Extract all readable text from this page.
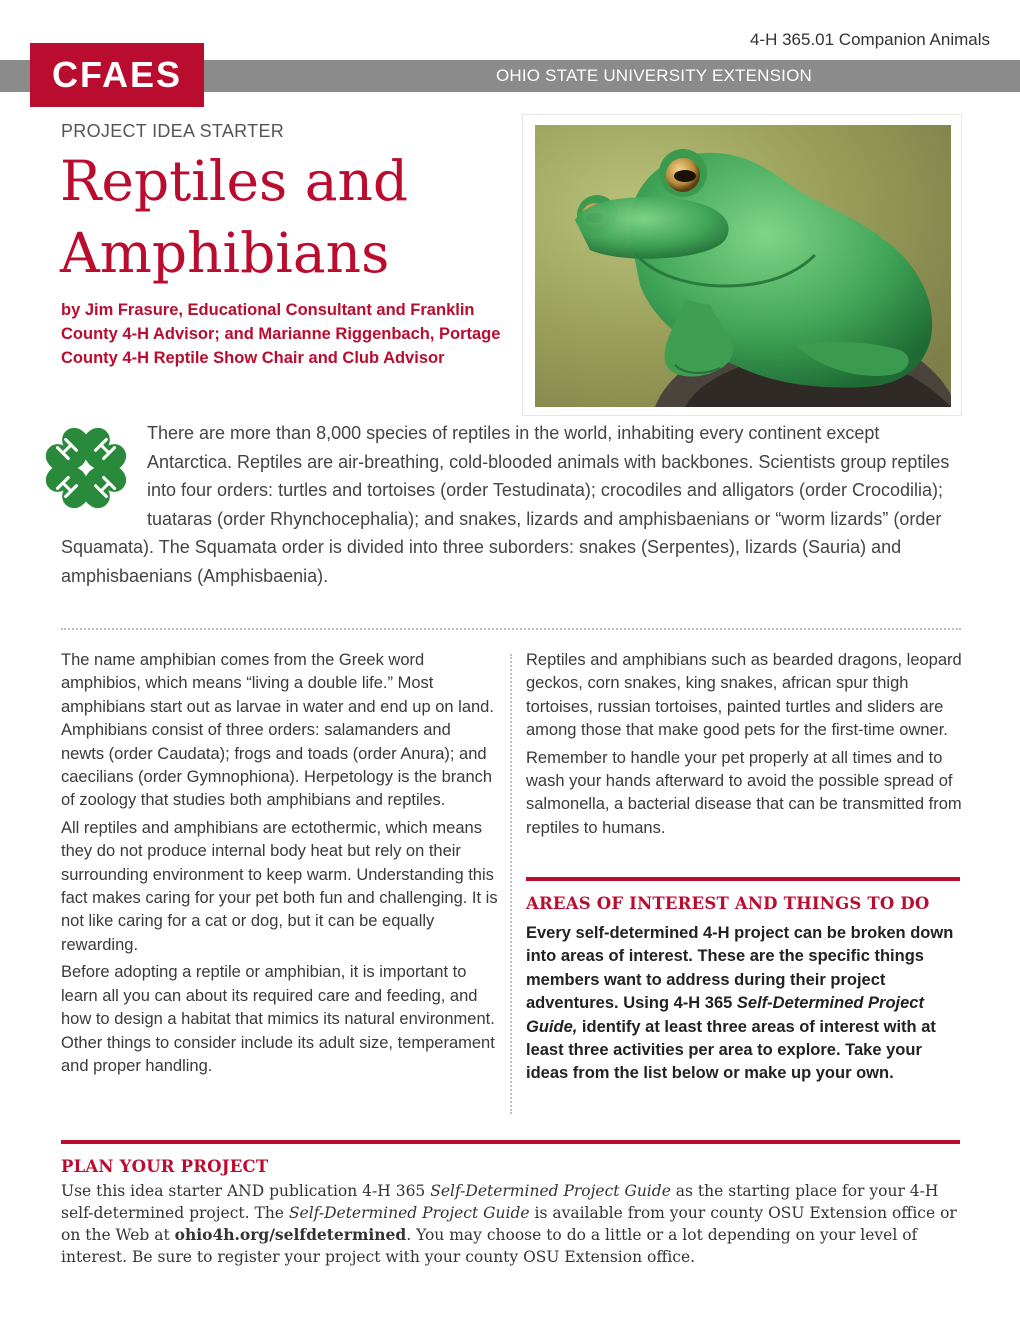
4-H 365.01 Companion Animals
OHIO STATE UNIVERSITY EXTENSION
CFAES
PROJECT IDEA STARTER
Reptiles and Amphibians
by Jim Frasure, Educational Consultant and Franklin County 4-H Advisor; and Marianne Riggenbach, Portage County 4-H Reptile Show Chair and Club Advisor

There are more than 8,000 species of reptiles in the world, inhabiting every continent except Antarctica. Reptiles are air-breathing, cold-blooded animals with backbones. Scientists group reptiles into four orders: turtles and tortoises (order Testudinata); crocodiles and alligators (order Crocodilia); tuataras (order Rhynchocephalia); and snakes, lizards and amphisbaenians or “worm lizards” (order Squamata). The Squamata order is divided into three suborders: snakes (Serpentes), lizards (Sauria) and amphisbaenians (Amphisbaenia).

The name amphibian comes from the Greek word amphibios, which means “living a double life.” Most amphibians start out as larvae in water and end up on land. Amphibians consist of three orders: salamanders and newts (order Caudata); frogs and toads (order Anura); and caecilians (order Gymnophiona). Herpetology is the branch of zoology that studies both amphibians and reptiles.

All reptiles and amphibians are ectothermic, which means they do not produce internal body heat but rely on their surrounding environment to keep warm. Understanding this fact makes caring for your pet both fun and challenging. It is not like caring for a cat or dog, but it can be equally rewarding.

Before adopting a reptile or amphibian, it is important to learn all you can about its required care and feeding, and how to design a habitat that mimics its natural environment. Other things to consider include its adult size, temperament and proper handling.

Reptiles and amphibians such as bearded dragons, leopard geckos, corn snakes, king snakes, african spur thigh tortoises, russian tortoises, painted turtles and sliders are among those that make good pets for the first-time owner.

Remember to handle your pet properly at all times and to wash your hands afterward to avoid the possible spread of salmonella, a bacterial disease that can be transmitted from reptiles to humans.

AREAS OF INTEREST AND THINGS TO DO
Every self-determined 4-H project can be broken down into areas of interest. These are the specific things members want to address during their project adventures. Using 4-H 365 Self-Determined Project Guide, identify at least three areas of interest with at least three activities per area to explore. Take your ideas from the list below or make up your own.
PLAN YOUR PROJECT
Use this idea starter AND publication 4-H 365 Self-Determined Project Guide as the starting place for your 4-H self-determined project. The Self-Determined Project Guide is available from your county OSU Extension office or on the Web at ohio4h.org/selfdetermined. You may choose to do a little or a lot depending on your level of interest. Be sure to register your project with your county OSU Extension office.
